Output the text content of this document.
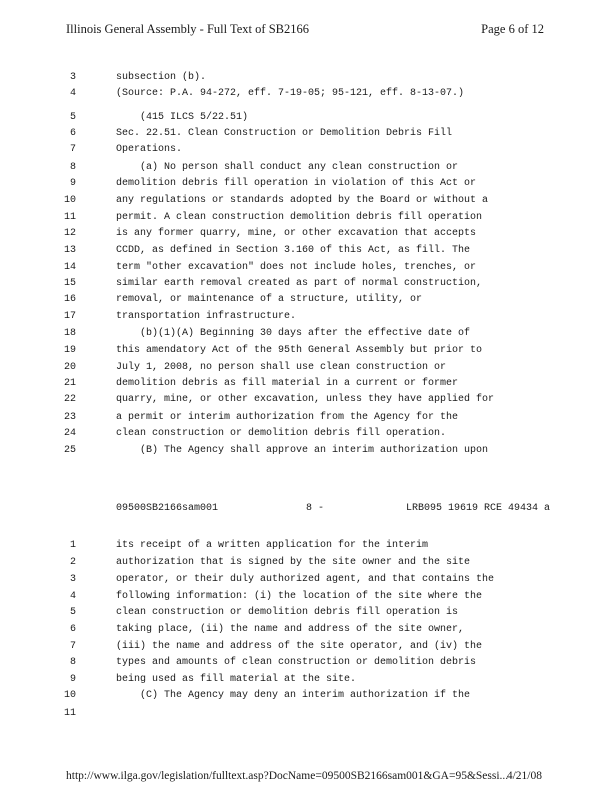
Illinois General Assembly - Full Text of SB2166	Page 6 of 12
3	subsection (b).
4	(Source: P.A. 94-272, eff. 7-19-05; 95-121, eff. 8-13-07.)
5	(415 ILCS 5/22.51)
6	Sec. 22.51. Clean Construction or Demolition Debris Fill
7	Operations.
8	(a) No person shall conduct any clean construction or
9	demolition debris fill operation in violation of this Act or
10	any regulations or standards adopted by the Board or without a
11	permit. A clean construction demolition debris fill operation
12	is any former quarry, mine, or other excavation that accepts
13	CCDD, as defined in Section 3.160 of this Act, as fill. The
14	term "other excavation" does not include holes, trenches, or
15	similar earth removal created as part of normal construction,
16	removal, or maintenance of a structure, utility, or
17	transportation infrastructure.
18	(b)(1)(A) Beginning 30 days after the effective date of
19	this amendatory Act of the 95th General Assembly but prior to
20	July 1, 2008, no person shall use clean construction or
21	demolition debris as fill material in a current or former
22	quarry, mine, or other excavation, unless they have applied for
23	a permit or interim authorization from the Agency for the
24	clean construction or demolition debris fill operation.
25	(B) The Agency shall approve an interim authorization upon
09500SB2166sam001	8 -	LRB095 19619 RCE 49434 a
1	its receipt of a written application for the interim
2	authorization that is signed by the site owner and the site
3	operator, or their duly authorized agent, and that contains the
4	following information: (i) the location of the site where the
5	clean construction or demolition debris fill operation is
6	taking place, (ii) the name and address of the site owner,
7	(iii) the name and address of the site operator, and (iv) the
8	types and amounts of clean construction or demolition debris
9	being used as fill material at the site.
10	(C) The Agency may deny an interim authorization if the
11
http://www.ilga.gov/legislation/fulltext.asp?DocName=09500SB2166sam001&GA=95&Sessi...
4/21/08
